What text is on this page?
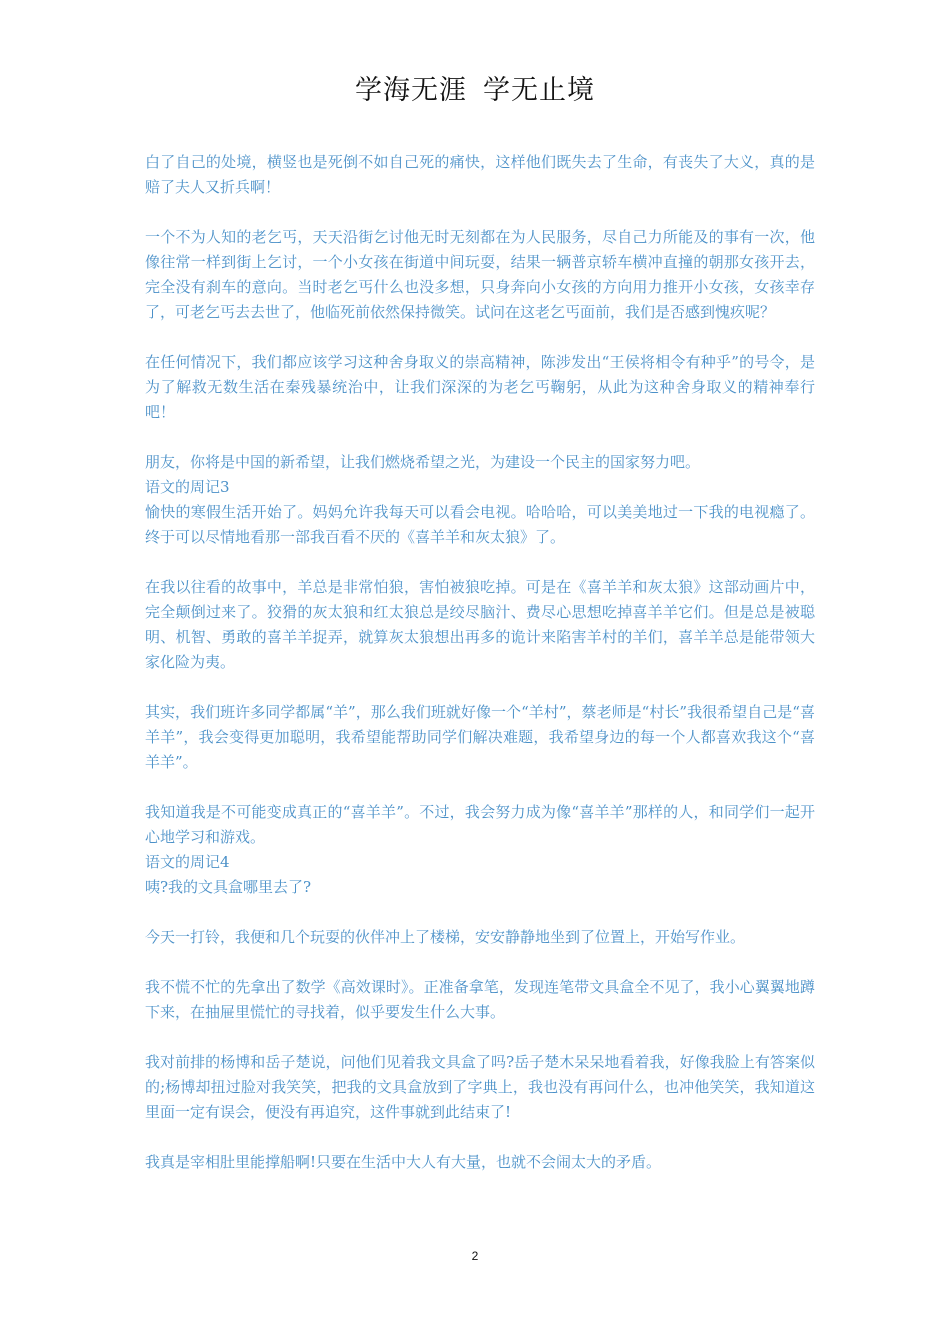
学海无涯 学无止境

白了自己的处境，横竖也是死倒不如自己死的痛快，这样他们既失去了生命，有丧失了大义，真的是赔了夫人又折兵啊！

一个不为人知的老乞丐，天天沿街乞讨他无时无刻都在为人民服务，尽自己力所能及的事有一次，他像往常一样到街上乞讨，一个小女孩在街道中间玩耍，结果一辆普京轿车横冲直撞的朝那女孩开去，完全没有刹车的意向。当时老乞丐什么也没多想，只身奔向小女孩的方向用力推开小女孩，女孩幸存了，可老乞丐去去世了，他临死前依然保持微笑。试问在这老乞丐面前，我们是否感到愧疚呢？

在任何情况下，我们都应该学习这种舍身取义的崇高精神，陈涉发出“王侯将相令有种乎”的号令，是为了解救无数生活在秦残暴统治中，让我们深深的为老乞丐鞠躬，从此为这种舍身取义的精神奉行吧！

朋友，你将是中国的新希望，让我们燃烧希望之光，为建设一个民主的国家努力吧。

语文的周记3

愉快的寒假生活开始了。妈妈允许我每天可以看会电视。哈哈哈，可以美美地过一下我的电视瘾了。终于可以尽情地看那一部我百看不厌的《喜羊羊和灰太狼》了。

在我以往看的故事中，羊总是非常怕狼，害怕被狼吃掉。可是在《喜羊羊和灰太狼》这部动画片中，完全颠倒过来了。狡猾的灰太狼和红太狼总是绞尽脑汁、费尽心思想吃掉喜羊羊它们。但是总是被聪明、机智、勇敢的喜羊羊捉弄，就算灰太狼想出再多的诡计来陷害羊村的羊们，喜羊羊总是能带领大家化险为夷。

其实，我们班许多同学都属“羊”，那么我们班就好像一个“羊村”，蔡老师是“村长”我很希望自己是“喜羊羊”，我会变得更加聪明，我希望能帮助同学们解决难题，我希望身边的每一个人都喜欢我这个“喜羊羊”。

我知道我是不可能变成真正的“喜羊羊”。不过，我会努力成为像“喜羊羊”那样的人，和同学们一起开心地学习和游戏。

语文的周记4

咦?我的文具盒哪里去了?

今天一打铃，我便和几个玩耍的伙伴冲上了楼梯，安安静静地坐到了位置上，开始写作业。

我不慌不忙的先拿出了数学《高效课时》。正准备拿笔，发现连笔带文具盒全不见了，我小心翼翼地蹲下来，在抽屉里慌忙的寻找着，似乎要发生什么大事。

我对前排的杨博和岳子楚说，问他们见着我文具盒了吗?岳子楚木呆呆地看着我，好像我脸上有答案似的;杨博却扭过脸对我笑笑，把我的文具盒放到了字典上，我也没有再问什么，也冲他笑笑，我知道这里面一定有误会，便没有再追究，这件事就到此结束了!

我真是宰相肚里能撑船啊!只要在生活中大人有大量，也就不会闹太大的矛盾。

2
